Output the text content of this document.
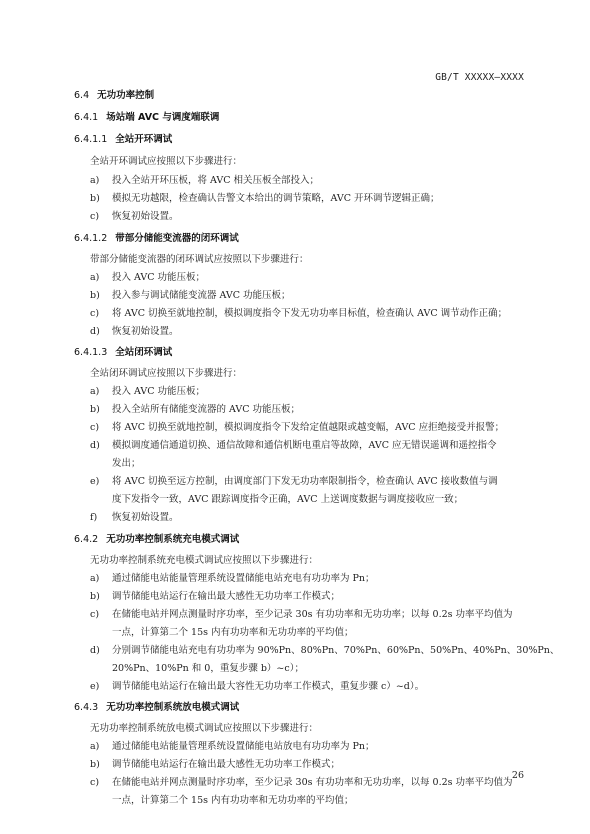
GB/T XXXXX—XXXX
6.4 无功功率控制
6.4.1 场站端 AVC 与调度端联调
6.4.1.1 全站开环调试
全站开环调试应按照以下步骤进行：
a) 投入全站开环压板，将 AVC 相关压板全部投入；
b) 模拟无功越限，检查确认告警文本给出的调节策略，AVC 开环调节逻辑正确；
c) 恢复初始设置。
6.4.1.2 带部分储能变流器的闭环调试
带部分储能变流器的闭环调试应按照以下步骤进行：
a) 投入 AVC 功能压板；
b) 投入参与调试储能变流器 AVC 功能压板；
c) 将 AVC 切换至就地控制，模拟调度指令下发无功功率目标值，检查确认 AVC 调节动作正确；
d) 恢复初始设置。
6.4.1.3 全站闭环调试
全站闭环调试应按照以下步骤进行：
a) 投入 AVC 功能压板；
b) 投入全站所有储能变流器的 AVC 功能压板；
c) 将 AVC 切换至就地控制，模拟调度指令下发给定值越限或越变幅，AVC 应拒绝接受并报警；
d) 模拟调度通信通道切换、通信故障和通信机断电重启等故障，AVC 应无错误遥调和遥控指令
发出；
e) 将 AVC 切换至远方控制，由调度部门下发无功功率限制指令，检查确认 AVC 接收数值与调
度下发指令一致，AVC 跟踪调度指令正确，AVC 上送调度数据与调度接收应一致；
f) 恢复初始设置。
6.4.2 无功功率控制系统充电模式调试
无功功率控制系统充电模式调试应按照以下步骤进行：
a) 通过储能电站能量管理系统设置储能电站充电有功功率为 Pn；
b) 调节储能电站运行在输出最大感性无功功率工作模式；
c) 在储能电站并网点测量时序功率，至少记录 30s 有功功率和无功功率；以每 0.2s 功率平均值为
一点，计算第二个 15s 内有功功率和无功功率的平均值；
d) 分别调节储能电站充电有功功率为 90%Pn、80%Pn、70%Pn、60%Pn、50%Pn、40%Pn、30%Pn、
20%Pn、10%Pn 和 0，重复步骤 b）~c）；
e) 调节储能电站运行在输出最大容性无功功率工作模式，重复步骤 c）~d）。
6.4.3 无功功率控制系统放电模式调试
无功功率控制系统放电模式调试应按照以下步骤进行：
a) 通过储能电站能量管理系统设置储能电站放电有功功率为 Pn；
b) 调节储能电站运行在输出最大感性无功功率工作模式；
c) 在储能电站并网点测量时序功率，至少记录 30s 有功功率和无功功率，以每 0.2s 功率平均值为
一点，计算第二个 15s 内有功功率和无功功率的平均值；
26
